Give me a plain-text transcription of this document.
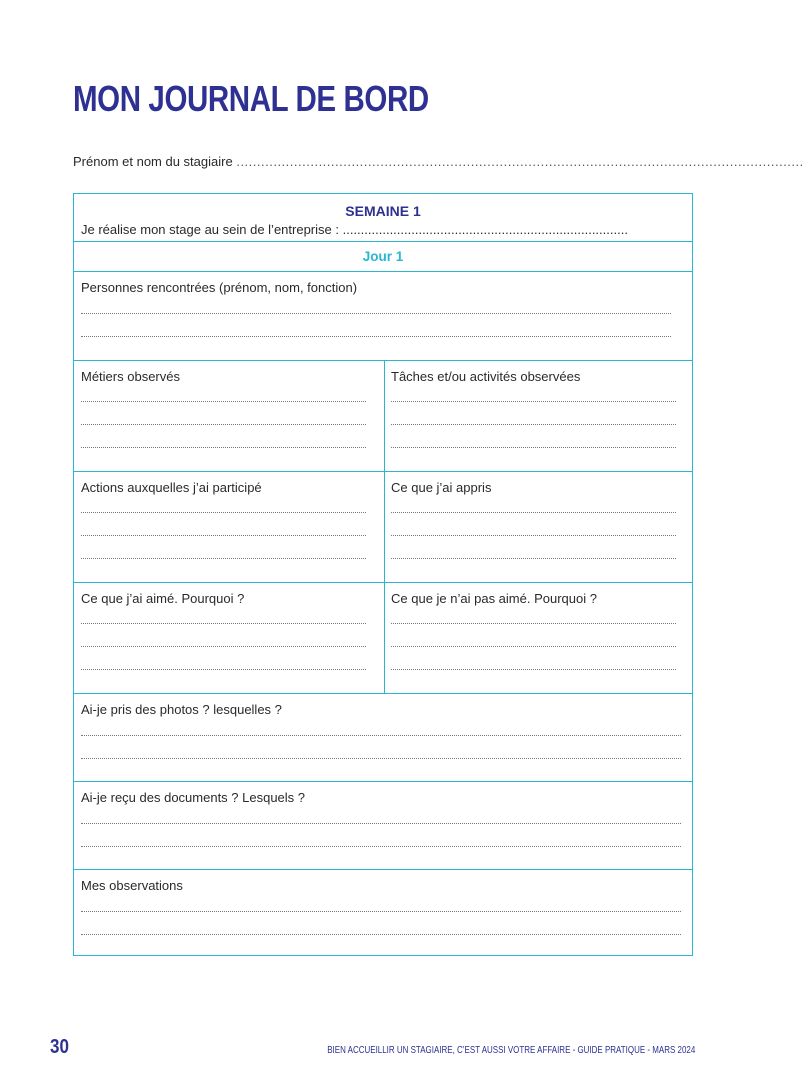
MON JOURNAL DE BORD
Prénom et nom du stagiaire ..........................................................................................................................................
SEMAINE 1
Je réalise mon stage au sein de l’entreprise : ...............................................................................
Jour 1
Personnes rencontrées (prénom, nom, fonction)
Métiers observés	Tâches et/ou activités observées
Actions auxquelles j’ai participé	Ce que j’ai appris
Ce que j’ai aimé. Pourquoi ?	Ce que je n’ai pas aimé. Pourquoi ?
Ai-je pris des photos ? lesquelles ?
Ai-je reçu des documents ? Lesquels ?
Mes observations
30	BIEN ACCUEILLIR UN STAGIAIRE, C’EST AUSSI VOTRE AFFAIRE - GUIDE PRATIQUE - MARS 2024
